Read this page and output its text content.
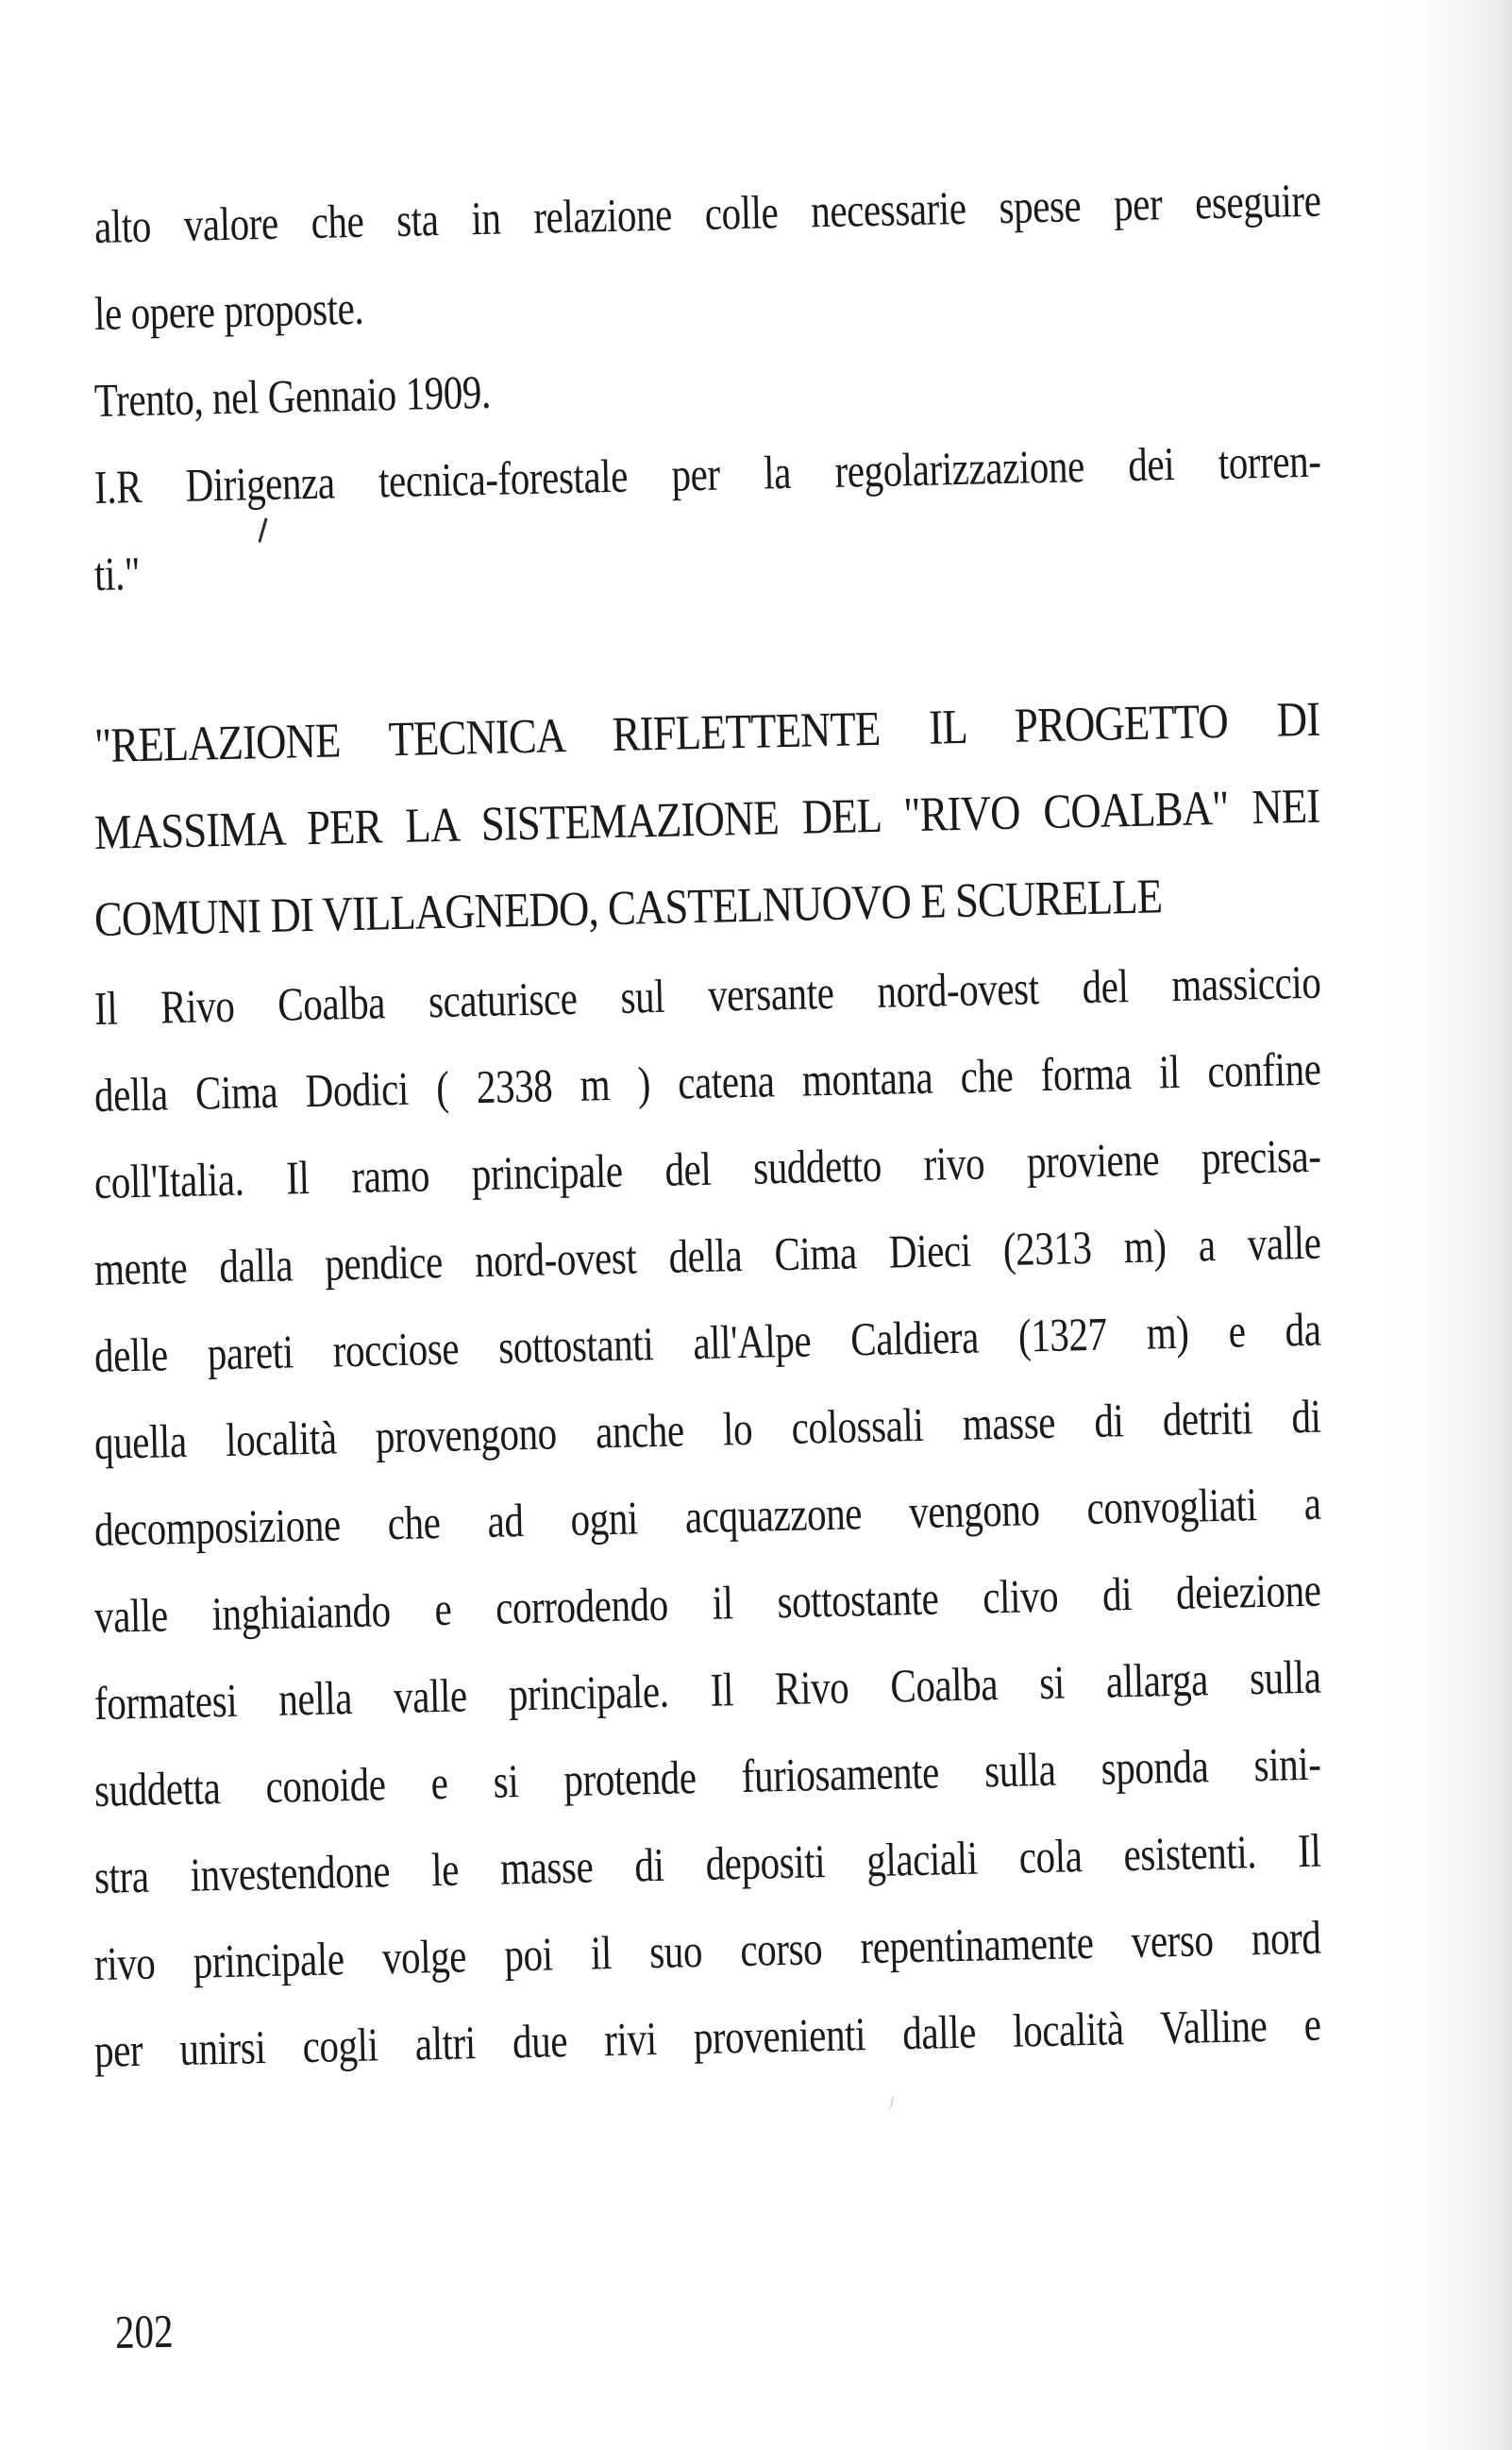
alto valore che sta in relazione colle necessarie spese per eseguire
le opere proposte.
Trento, nel Gennaio 1909.
I.R Dirigenza tecnica-forestale per la regolarizzazione dei torren-
ti."
"RELAZIONE TECNICA RIFLETTENTE IL PROGETTO DI
MASSIMA PER LA SISTEMAZIONE DEL "RIVO COALBA" NEI
COMUNI DI VILLAGNEDO, CASTELNUOVO E SCURELLE
Il Rivo Coalba scaturisce sul versante nord-ovest del massiccio
della Cima Dodici ( 2338 m ) catena montana che forma il confine
coll'Italia. Il ramo principale del suddetto rivo proviene precisa-
mente dalla pendice nord-ovest della Cima Dieci (2313 m) a valle
delle pareti rocciose sottostanti all'Alpe Caldiera (1327 m) e da
quella località provengono anche lo colossali masse di detriti di
decomposizione che ad ogni acquazzone vengono convogliati a
valle inghiaiando e corrodendo il sottostante clivo di deiezione
formatesi nella valle principale. Il Rivo Coalba si allarga sulla
suddetta conoide e si protende furiosamente sulla sponda sini-
stra investendone le masse di depositi glaciali cola esistenti. Il
rivo principale volge poi il suo corso repentinamente verso nord
per unirsi cogli altri due rivi provenienti dalle località Valline e
202
